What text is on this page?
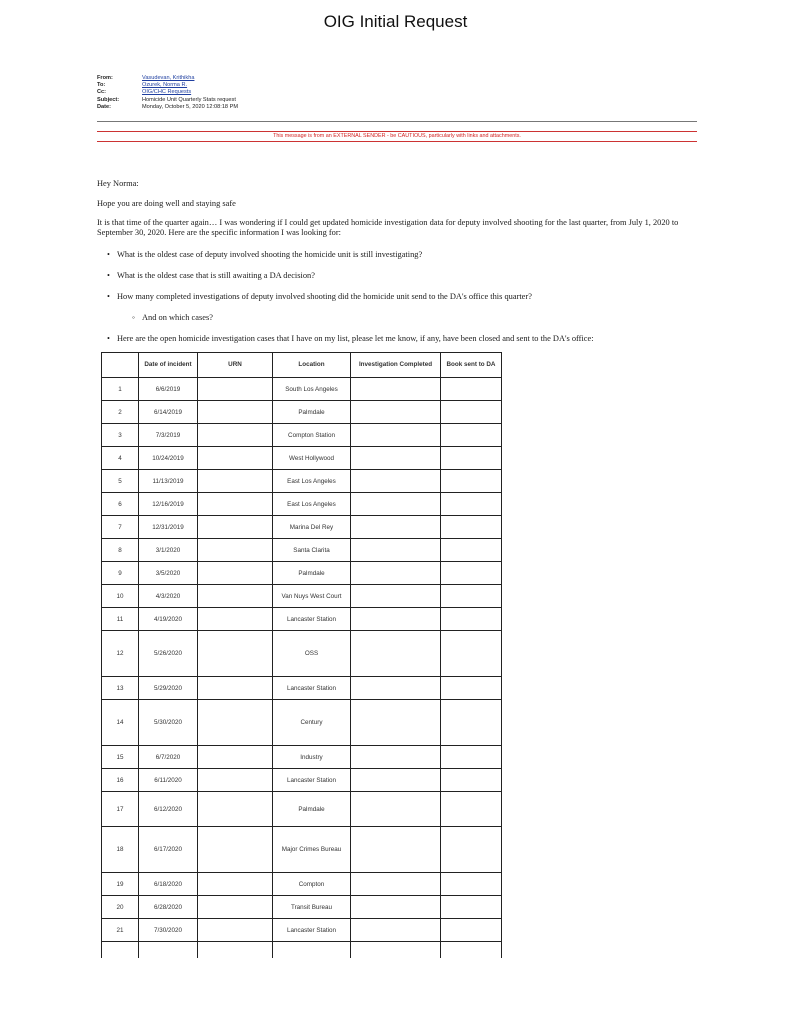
OIG Initial Request
From:	Vasudevan, Krithikha
To:	Ozurek, Norma R.
Cc:	OIG/CHC Requests
Subject:	Homicide Unit Quarterly Stats request
Date:	Monday, October 5, 2020 12:08:18 PM
This message is from an EXTERNAL SENDER - be CAUTIOUS, particularly with links and attachments.
Hey Norma:
Hope you are doing well and staying safe
It is that time of the quarter again… I was wondering if I could get updated homicide investigation data for deputy involved shooting for the last quarter, from July 1, 2020 to September 30, 2020. Here are the specific information I was looking for:
• What is the oldest case of deputy involved shooting the homicide unit is still investigating?
• What is the oldest case that is still awaiting a DA decision?
• How many completed investigations of deputy involved shooting did the homicide unit send to the DA's office this quarter?
◦ And on which cases?
• Here are the open homicide investigation cases that I have on my list, please let me know, if any, have been closed and sent to the DA's office:
	Date of incident	URN	Location	Investigation Completed	Book sent to DA
1	6/6/2019		South Los Angeles		
2	6/14/2019		Palmdale		
3	7/3/2019		Compton Station		
4	10/24/2019		West Hollywood		
5	11/13/2019		East Los Angeles		
6	12/16/2019		East Los Angeles		
7	12/31/2019		Marina Del Rey		
8	3/1/2020		Santa Clarita		
9	3/5/2020		Palmdale		
10	4/3/2020		Van Nuys West Court		
11	4/19/2020		Lancaster Station		
12	5/26/2020		OSS		
13	5/29/2020		Lancaster Station		
14	5/30/2020		Century		
15	6/7/2020		Industry		
16	6/11/2020		Lancaster Station		
17	6/12/2020		Palmdale		
18	6/17/2020		Major Crimes Bureau		
19	6/18/2020		Compton		
20	6/28/2020		Transit Bureau		
21	7/30/2020		Lancaster Station		
